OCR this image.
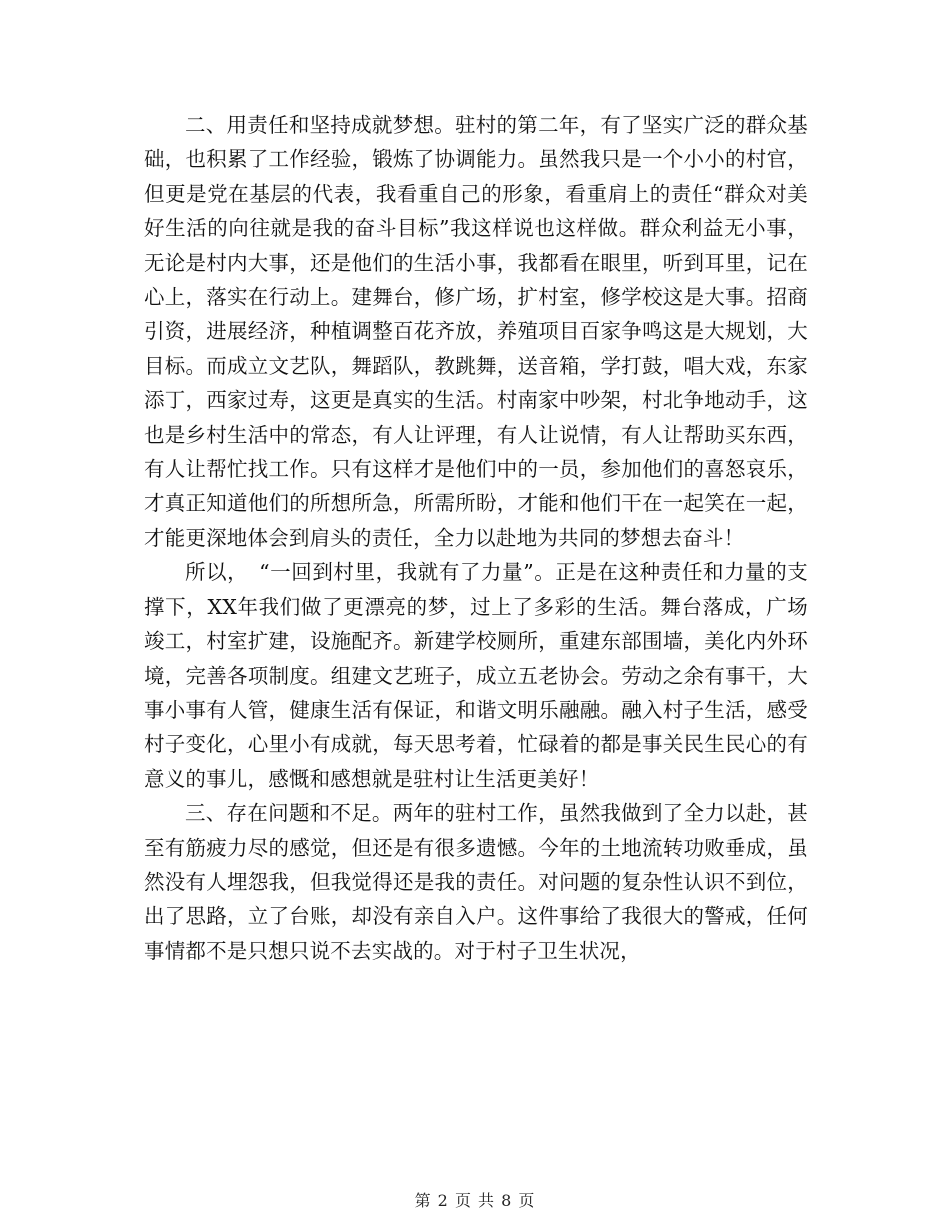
二、用责任和坚持成就梦想。驻村的第二年，有了坚实广泛的群众基础，也积累了工作经验，锻炼了协调能力。虽然我只是一个小小的村官，但更是党在基层的代表，我看重自己的形象，看重肩上的责任“群众对美好生活的向往就是我的奋斗目标”我这样说也这样做。群众利益无小事，无论是村内大事，还是他们的生活小事，我都看在眼里，听到耳里，记在心上，落实在行动上。建舞台，修广场，扩村室，修学校这是大事。招商引资，进展经济，种植调整百花齐放，养殖项目百家争鸣这是大规划，大目标。而成立文艺队，舞蹈队，教跳舞，送音箱，学打鼓，唱大戏，东家添丁，西家过寿，这更是真实的生活。村南家中吵架，村北争地动手，这也是乡村生活中的常态，有人让评理，有人让说情，有人让帮助买东西，有人让帮忙找工作。只有这样才是他们中的一员，参加他们的喜怒哀乐，才真正知道他们的所想所急，所需所盼，才能和他们干在一起笑在一起，才能更深地体会到肩头的责任，全力以赴地为共同的梦想去奋斗！

所以，　“一回到村里，我就有了力量”。正是在这种责任和力量的支撑下，XX年我们做了更漂亮的梦，过上了多彩的生活。舞台落成，广场竣工，村室扩建，设施配齐。新建学校厕所，重建东部围墙，美化内外环境，完善各项制度。组建文艺班子，成立五老协会。劳动之余有事干，大事小事有人管，健康生活有保证，和谐文明乐融融。融入村子生活，感受村子变化，心里小有成就，每天思考着，忙碌着的都是事关民生民心的有意义的事儿，感慨和感想就是驻村让生活更美好！

三、存在问题和不足。两年的驻村工作，虽然我做到了全力以赴，甚至有筋疲力尽的感觉，但还是有很多遗憾。今年的土地流转功败垂成，虽然没有人埋怨我，但我觉得还是我的责任。对问题的复杂性认识不到位，出了思路，立了台账，却没有亲自入户。这件事给了我很大的警戒，任何事情都不是只想只说不去实战的。对于村子卫生状况，

第 2 页 共 8 页
